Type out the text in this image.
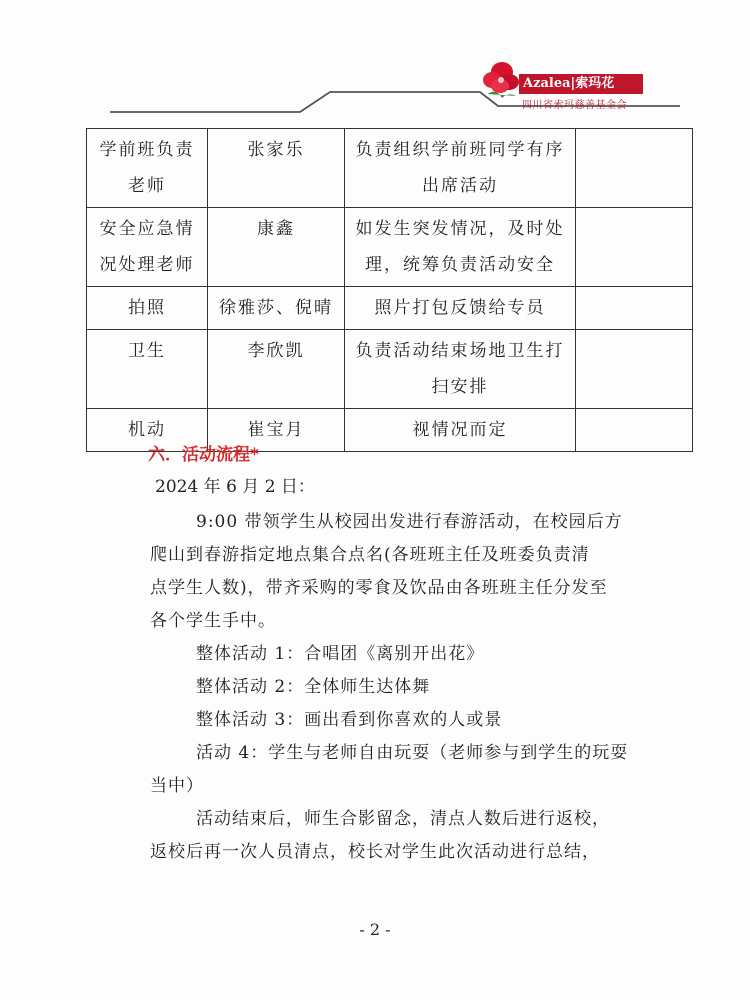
Azalea|索玛花
四川省索玛慈善基金会
学前班负责老师	张家乐	负责组织学前班同学有序出席活动	
安全应急情况处理老师	康鑫	如发生突发情况，及时处理，统筹负责活动安全	
拍照	徐雅莎、倪晴	照片打包反馈给专员	
卫生	李欣凯	负责活动结束场地卫生打扫安排	
机动	崔宝月	视情况而定	
六．活动流程*
2024 年 6 月 2 日：
9:00 带领学生从校园出发进行春游活动，在校园后方
爬山到春游指定地点集合点名(各班班主任及班委负责清
点学生人数)，带齐采购的零食及饮品由各班班主任分发至
各个学生手中。
整体活动 1：合唱团《离别开出花》
整体活动 2：全体师生达体舞
整体活动 3：画出看到你喜欢的人或景
活动 4：学生与老师自由玩耍（老师参与到学生的玩耍
当中）
活动结束后，师生合影留念，清点人数后进行返校，
返校后再一次人员清点，校长对学生此次活动进行总结，
- 2 -
